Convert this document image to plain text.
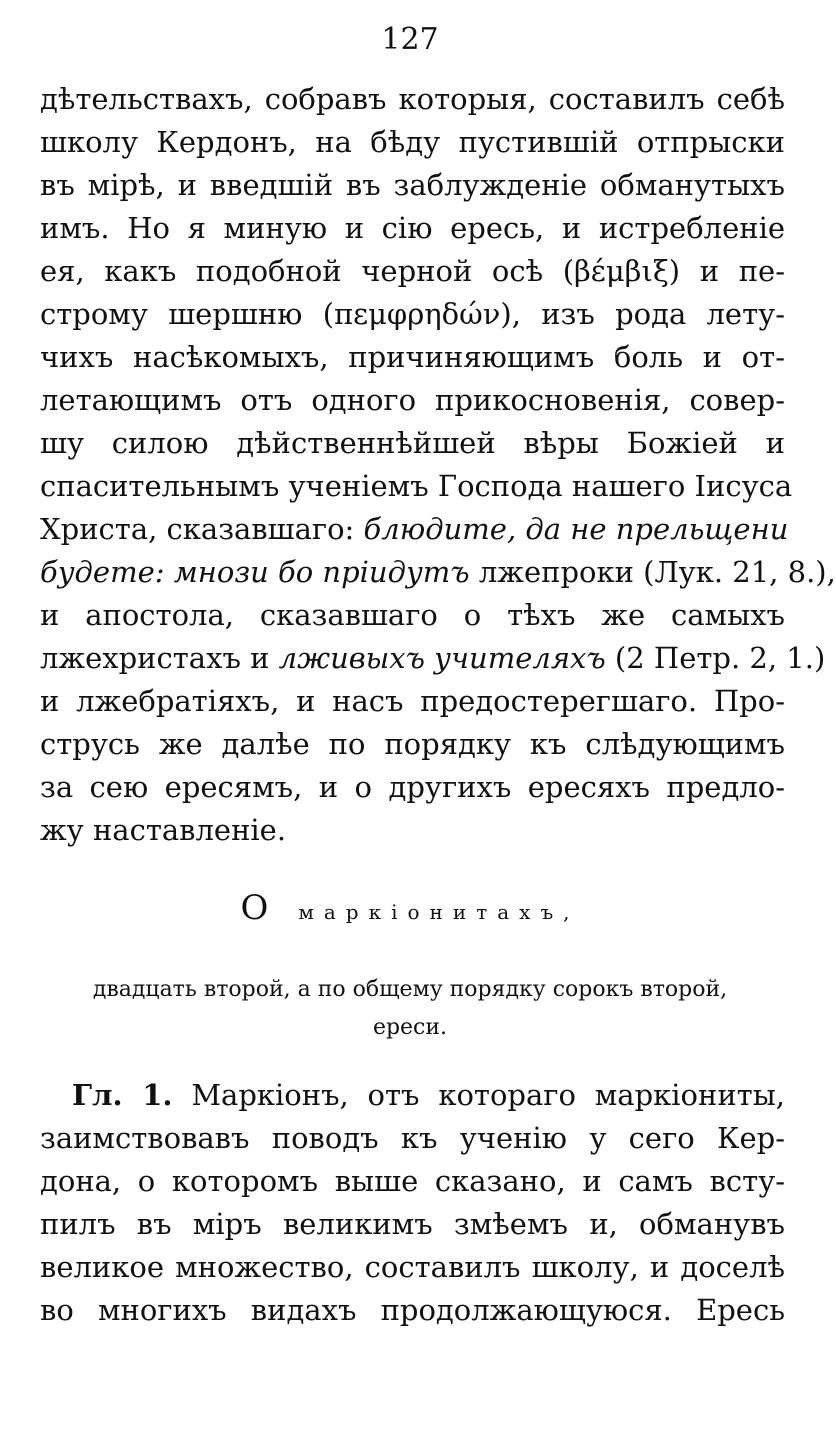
127
дѣтельствахъ, собравъ которыя, составилъ себѣ
школу Кердонъ, на бѣду пустившій отпрыски
въ мірѣ, и введшій въ заблужденіе обманутыхъ
имъ. Но я миную и сію ересь, и истребленіе
ея, какъ подобной черной осѣ (βέμβιξ) и пе-
строму шершню (πεμφρηδών), изъ рода лету-
чихъ насѣкомыхъ, причиняющимъ боль и от-
летающимъ отъ одного прикосновенія, совер-
шу силою дѣйственнѣйшей вѣры Божіей и
спасительнымъ ученіемъ Господа нашего Іисуса
Христа, сказавшаго: блюдите, да не прельщени
будете: мнози бо пріидутъ лжепроки (Лук. 21, 8.),
и апостола, сказавшаго о тѣхъ же самыхъ
лжехристахъ и лживыхъ учителяхъ (2 Петр. 2, 1.)
и лжебратіяхъ, и насъ предостерегшаго. Про-
струсь же далѣе по порядку къ слѣдующимъ
за сею ересямъ, и о другихъ ересяхъ предло-
жу наставленіе.
О маркіонитахъ,
двадцать второй, а по общему порядку сорокъ второй,
ереси.
Гл. 1. Маркіонъ, отъ котораго маркіониты,
заимствовавъ поводъ къ ученію у сего Кер-
дона, о которомъ выше сказано, и самъ всту-
пилъ въ міръ великимъ змѣемъ и, обманувъ
великое множество, составилъ школу, и доселѣ
во многихъ видахъ продолжающуюся. Ересь
